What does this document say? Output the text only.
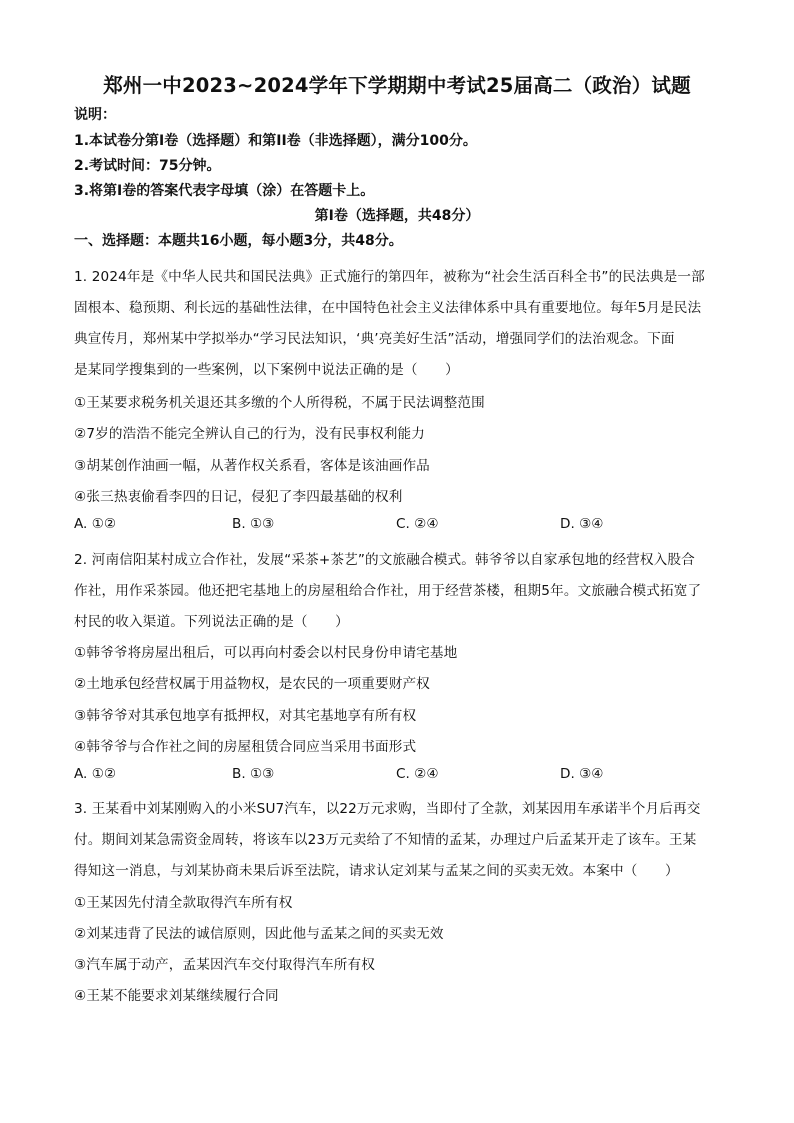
郑州一中2023~2024学年下学期期中考试25届高二（政治）试题
说明：
1.本试卷分第Ⅰ卷（选择题）和第II卷（非选择题），满分100分。
2.考试时间：75分钟。
3.将第Ⅰ卷的答案代表字母填（涂）在答题卡上。
第Ⅰ卷（选择题，共48分）
一、选择题：本题共16小题，每小题3分，共48分。
1. 2024年是《中华人民共和国民法典》正式施行的第四年，被称为“社会生活百科全书”的民法典是一部
固根本、稳预期、利长远的基础性法律，在中国特色社会主义法律体系中具有重要地位。每年5月是民法
典宣传月，郑州某中学拟举办“学习民法知识，‘典’亮美好生活”活动，增强同学们的法治观念。下面
是某同学搜集到的一些案例，以下案例中说法正确的是（　　）
①王某要求税务机关退还其多缴的个人所得税，不属于民法调整范围
②7岁的浩浩不能完全辨认自己的行为，没有民事权利能力
③胡某创作油画一幅，从著作权关系看，客体是该油画作品
④张三热衷偷看李四的日记，侵犯了李四最基础的权利
A. ①②	B. ①③	C. ②④	D. ③④
2. 河南信阳某村成立合作社，发展“采茶+茶艺”的文旅融合模式。韩爷爷以自家承包地的经营权入股合
作社，用作采茶园。他还把宅基地上的房屋租给合作社，用于经营茶楼，租期5年。文旅融合模式拓宽了
村民的收入渠道。下列说法正确的是（　　）
①韩爷爷将房屋出租后，可以再向村委会以村民身份申请宅基地
②土地承包经营权属于用益物权，是农民的一项重要财产权
③韩爷爷对其承包地享有抵押权，对其宅基地享有所有权
④韩爷爷与合作社之间的房屋租赁合同应当采用书面形式
A. ①②	B. ①③	C. ②④	D. ③④
3. 王某看中刘某刚购入的小米SU7汽车，以22万元求购，当即付了全款，刘某因用车承诺半个月后再交
付。期间刘某急需资金周转，将该车以23万元卖给了不知情的孟某，办理过户后孟某开走了该车。王某
得知这一消息，与刘某协商未果后诉至法院，请求认定刘某与孟某之间的买卖无效。本案中（　　）
①王某因先付清全款取得汽车所有权
②刘某违背了民法的诚信原则，因此他与孟某之间的买卖无效
③汽车属于动产，孟某因汽车交付取得汽车所有权
④王某不能要求刘某继续履行合同
